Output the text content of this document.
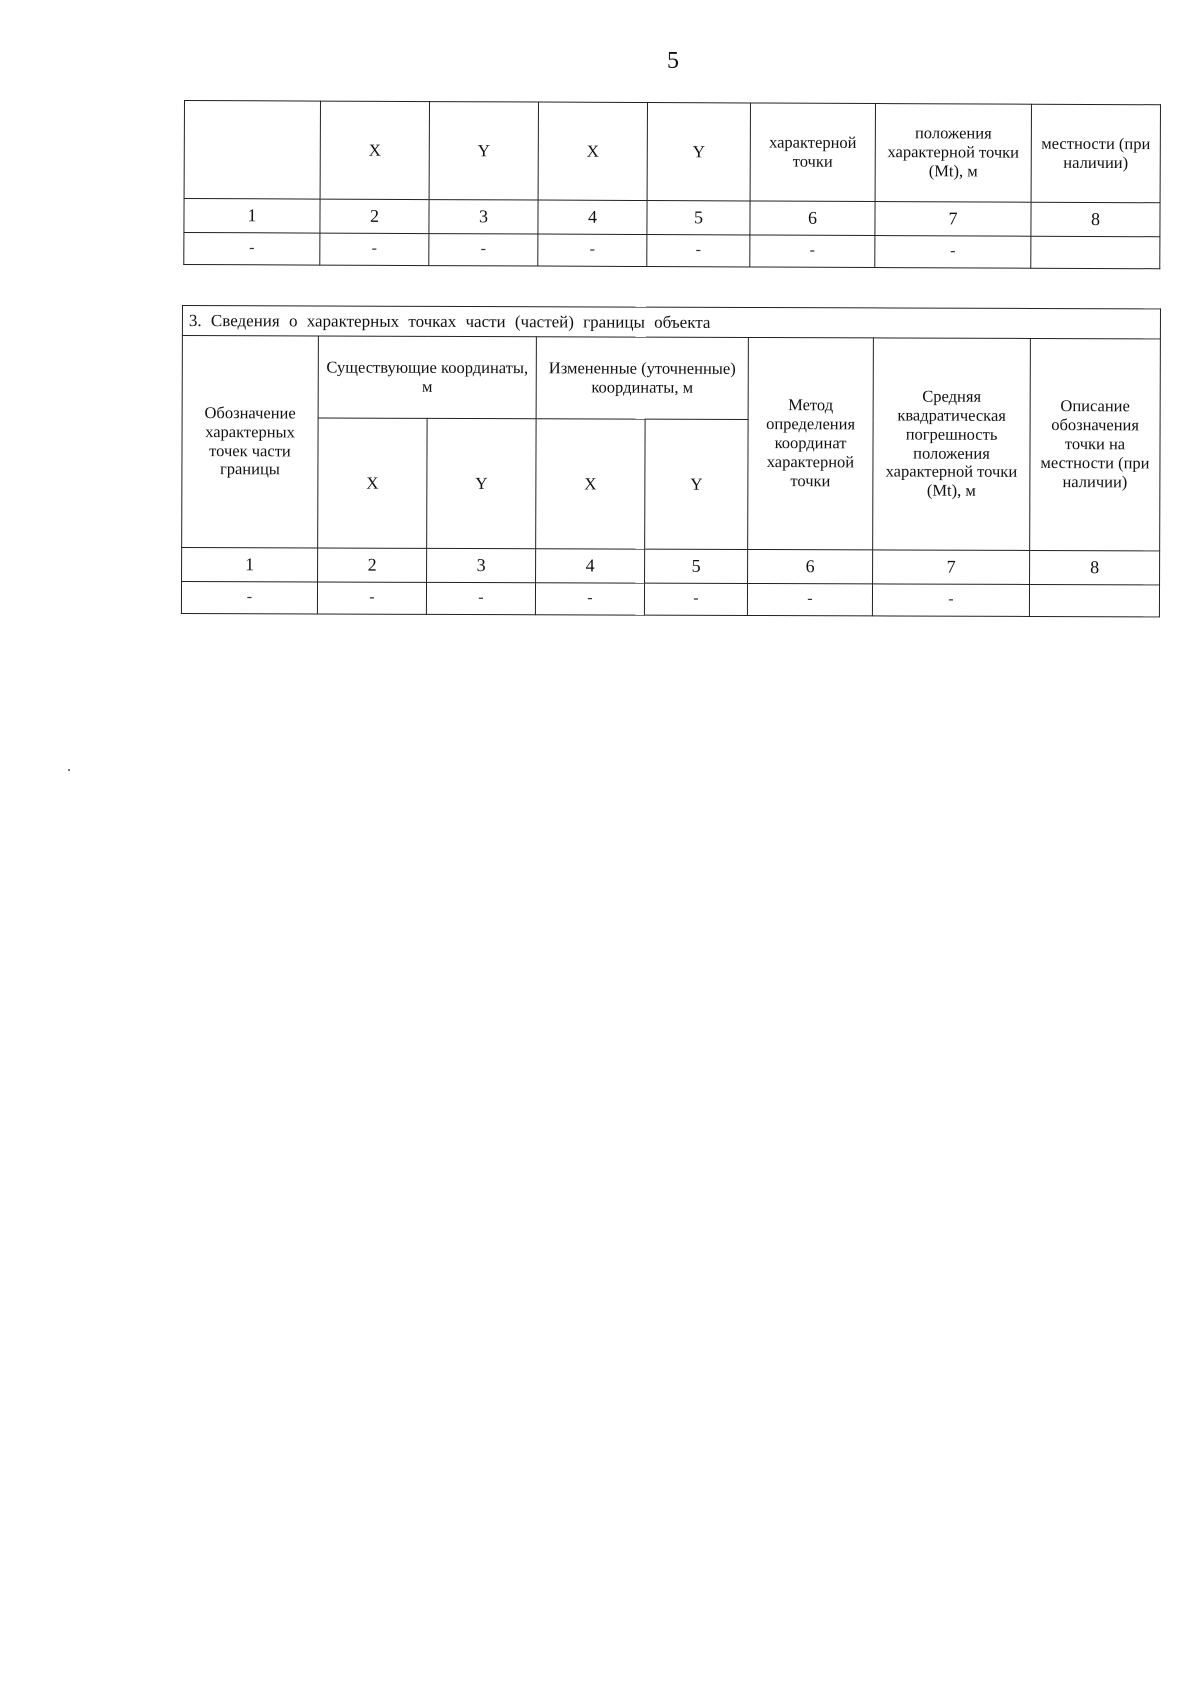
5
	X	Y	X	Y	характерной точки	положения характерной точки (Mt), м	местности (при наличии)
1	2	3	4	5	6	7	8
-	-	-	-	-	-	-	
3. Сведения о характерных точках части (частей) границы объекта							
Обозначение характерных точек части границы	Существующие координаты, м		Измененные (уточненные) координаты, м		Метод определения координат характерной точки	Средняя квадратическая погрешность положения характерной точки (Mt), м	Описание обозначения точки на местности (при наличии)
	X	Y	X	Y			
1	2	3	4	5	6	7	8
-	-	-	-	-	-	-	
